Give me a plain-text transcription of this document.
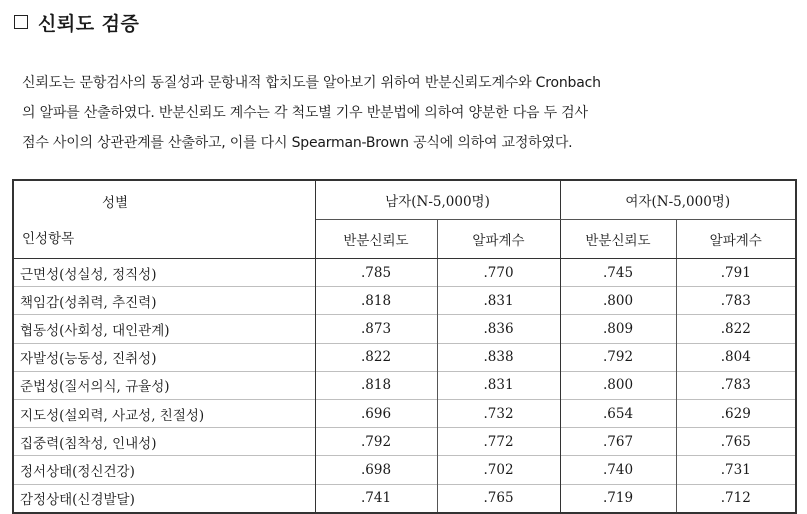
신뢰도 검증
신뢰도는 문항검사의 동질성과 문항내적 합치도를 알아보기 위하여 반분신뢰도계수와 Cronbach
의 알파를 산출하였다. 반분신뢰도 계수는 각 척도별 기우 반분법에 의하여 양분한 다음 두 검사
점수 사이의 상관관계를 산출하고, 이를 다시 Spearman-Brown 공식에 의하여 교정하였다.
성별
인성항목	남자(N-5,000명)		여자(N-5,000명)	
	반분신뢰도	알파계수	반분신뢰도	알파계수
근면성(성실성, 정직성)	.785	.770	.745	.791
책임감(성취력, 추진력)	.818	.831	.800	.783
협동성(사회성, 대인관계)	.873	.836	.809	.822
자발성(능동성, 진취성)	.822	.838	.792	.804
준법성(질서의식, 규율성)	.818	.831	.800	.783
지도성(설외력, 사교성, 친절성)	.696	.732	.654	.629
집중력(침착성, 인내성)	.792	.772	.767	.765
정서상태(정신건강)	.698	.702	.740	.731
감정상태(신경발달)	.741	.765	.719	.712
